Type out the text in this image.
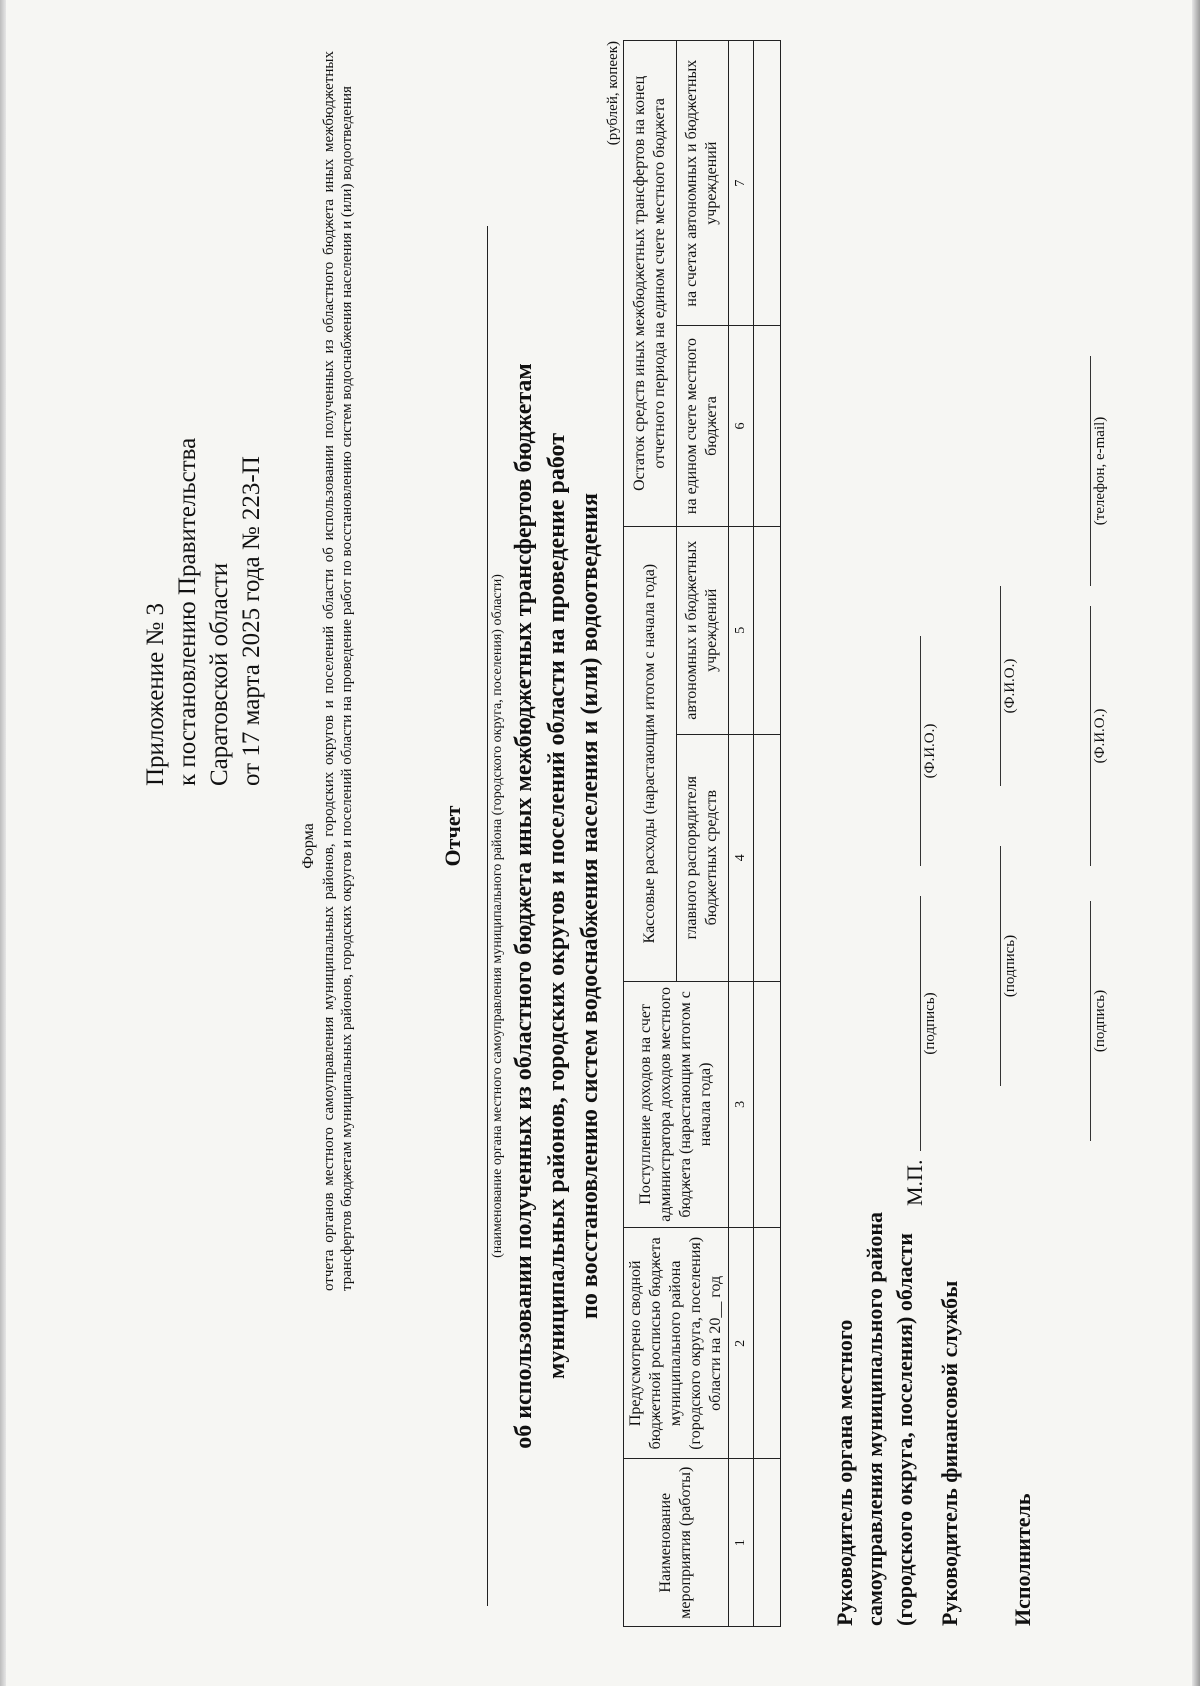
Приложение № 3 к постановлению Правительства Саратовской области от 17 марта 2025 года № 223-П
Форма отчета органов местного самоуправления муниципальных районов, городских округов и поселений области об использовании полученных из областного бюджета иных межбюджетных трансфертов бюджетам муниципальных районов, городских округов и поселений области на проведение работ по восстановлению систем водоснабжения населения и (или) водоотведения	Отчет (наименование органа местного самоуправления муниципального района (городского округа, поселения) области) об использовании полученных из областного бюджета иных межбюджетных трансфертов бюджетам муниципальных районов, городских округов и поселений области на проведение работ по восстановлению систем водоснабжения населения и (или) водоотведения
(рублей, копеек)
Наименование мероприятия (работы)	Предусмотрено сводной бюджетной росписью бюджета муниципального района (городского округа, поселения) области на 20__ год	Поступление доходов на счет администратора доходов местного бюджета (нарастающим итогом с начала года)	Кассовые расходы (нарастающим итогом с начала года)		Остаток средств иных межбюджетных трансфертов на конец отчетного периода на едином счете местного бюджета	
			главного распорядителя бюджетных средств	автономных и бюджетных учреждений	на едином счете местного бюджета	на счетах автономных и бюджетных учреждений
1	2	3	4	5	6	7

Руководитель органа местного самоуправления муниципального района (городского округа, поселения) области
(подпись)
(Ф.И.О.)
М.П.
Руководитель финансовой службы
(подпись)
(Ф.И.О.)
Исполнитель
(подпись)
(Ф.И.О.)
(телефон, e-mail)
